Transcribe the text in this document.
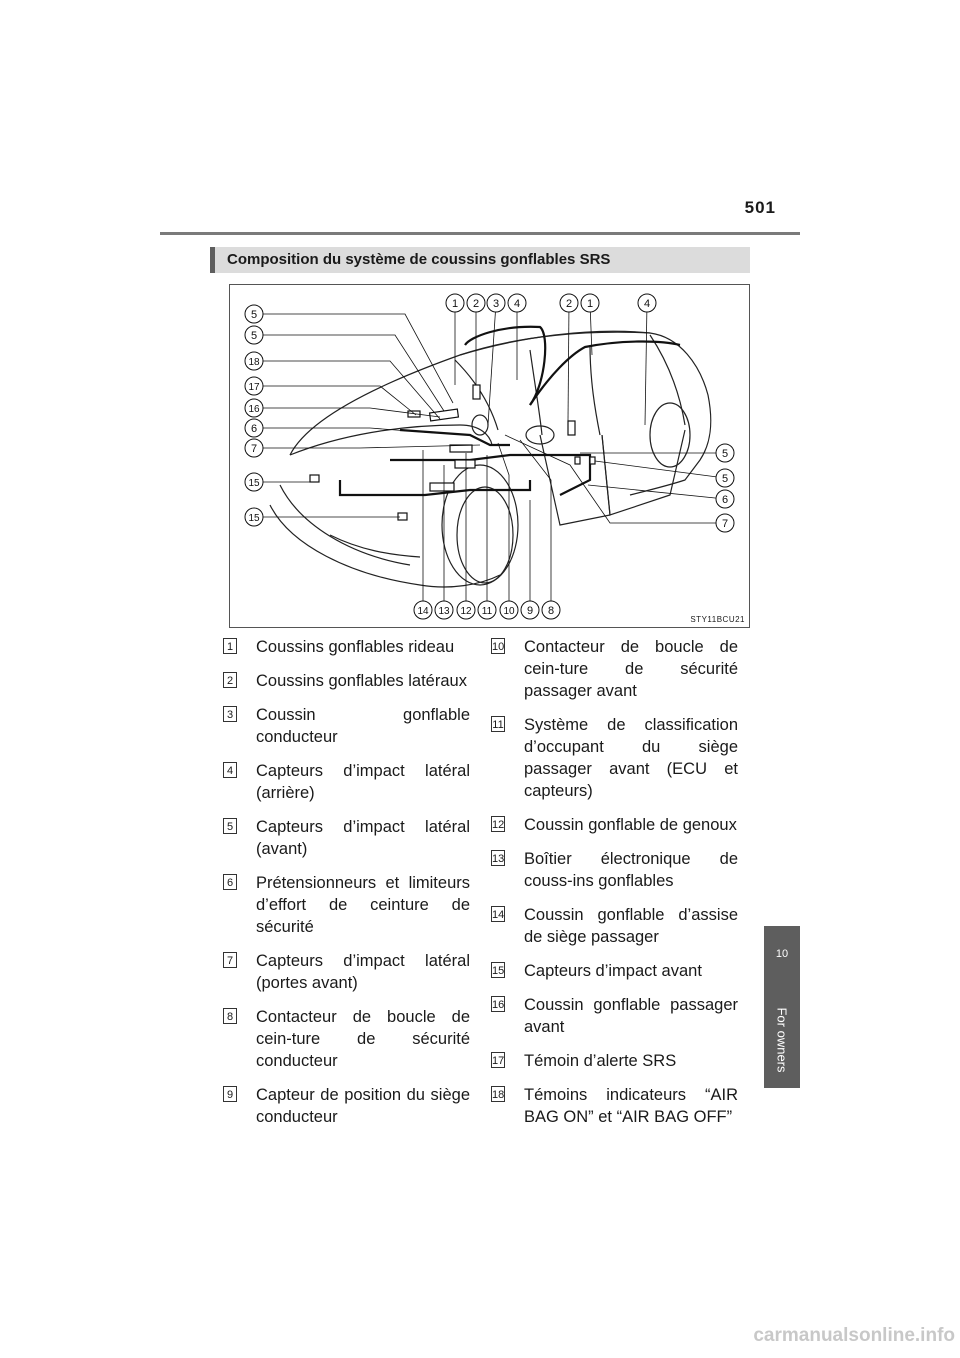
501
10
For owners
Composition du système de coussins gonflables SRS
1 2 3 4	2 1	4
5
5
18
17
16
6
7
15
15
5
5
6
7
14 13 12 11 10 9 8
STY11BCU21
1 Coussins gonflables rideau
2 Coussins gonflables latéraux
3 Coussin gonflable conducteur
4 Capteurs d’impact latéral (arrière)
5 Capteurs d’impact latéral (avant)
6 Prétensionneurs et limiteurs d’effort de ceinture de sécurité
7 Capteurs d’impact latéral (portes avant)
8 Contacteur de boucle de cein-ture de sécurité conducteur
9 Capteur de position du siège conducteur
10 Contacteur de boucle de cein-ture de sécurité passager avant
11 Système de classification d’occupant du siège passager avant (ECU et capteurs)
12 Coussin gonflable de genoux
13 Boîtier électronique de couss-ins gonflables
14 Coussin gonflable d’assise de siège passager
15 Capteurs d’impact avant
16 Coussin gonflable passager avant
17 Témoin d’alerte SRS
18 Témoins indicateurs “AIR BAG ON” et “AIR BAG OFF”
carmanualsonline.info
